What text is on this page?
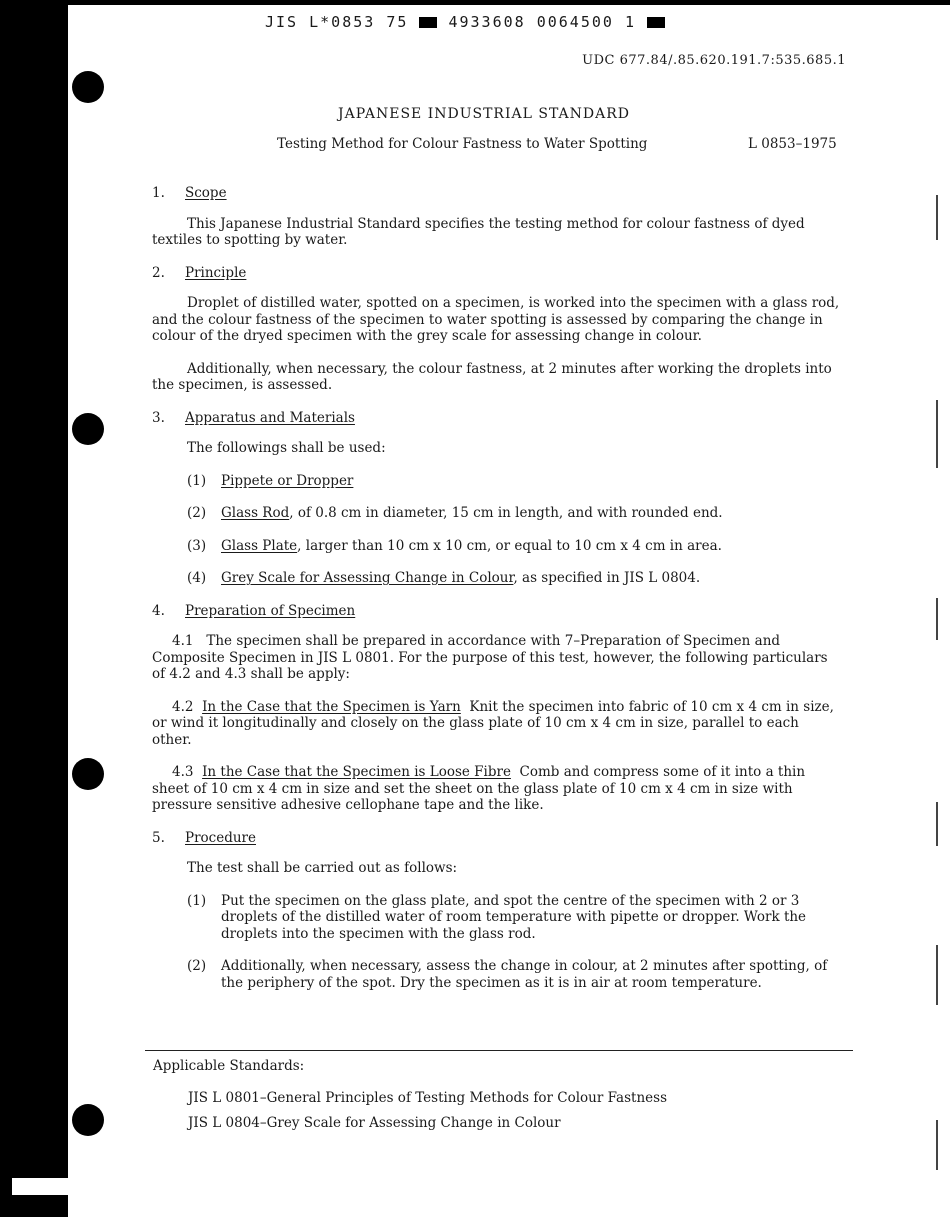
JIS L*0853 75	4933608 0064500 1
UDC 677.84/.85.620.191.7:535.685.1
JAPANESE INDUSTRIAL STANDARD
Testing Method for Colour Fastness to Water Spotting	L 0853–1975
1. Scope

This Japanese Industrial Standard specifies the testing method for colour fastness of dyed textiles to spotting by water.

2. Principle

Droplet of distilled water, spotted on a specimen, is worked into the specimen with a glass rod, and the colour fastness of the specimen to water spotting is assessed by comparing the change in colour of the dryed specimen with the grey scale for assessing change in colour.

Additionally, when necessary, the colour fastness, at 2 minutes after working the droplets into the specimen, is assessed.

3. Apparatus and Materials

The followings shall be used:

(1) Pippete or Dropper
(2) Glass Rod, of 0.8 cm in diameter, 15 cm in length, and with rounded end.
(3) Glass Plate, larger than 10 cm x 10 cm, or equal to 10 cm x 4 cm in area.
(4) Grey Scale for Assessing Change in Colour, as specified in JIS L 0804.
4. Preparation of Specimen

4.1 The specimen shall be prepared in accordance with 7–Preparation of Specimen and Composite Specimen in JIS L 0801. For the purpose of this test, however, the following particulars of 4.2 and 4.3 shall be apply:

4.2 In the Case that the Specimen is Yarn Knit the specimen into fabric of 10 cm x 4 cm in size, or wind it longitudinally and closely on the glass plate of 10 cm x 4 cm in size, parallel to each other.

4.3 In the Case that the Specimen is Loose Fibre Comb and compress some of it into a thin sheet of 10 cm x 4 cm in size and set the sheet on the glass plate of 10 cm x 4 cm in size with pressure sensitive adhesive cellophane tape and the like.

5. Procedure

The test shall be carried out as follows:

(1) Put the specimen on the glass plate, and spot the centre of the specimen with 2 or 3 droplets of the distilled water of room temperature with pipette or dropper. Work the droplets into the specimen with the glass rod.
(2) Additionally, when necessary, assess the change in colour, at 2 minutes after spotting, of the periphery of the spot. Dry the specimen as it is in air at room temperature.
Applicable Standards:
JIS L 0801–General Principles of Testing Methods for Colour Fastness
JIS L 0804–Grey Scale for Assessing Change in Colour
